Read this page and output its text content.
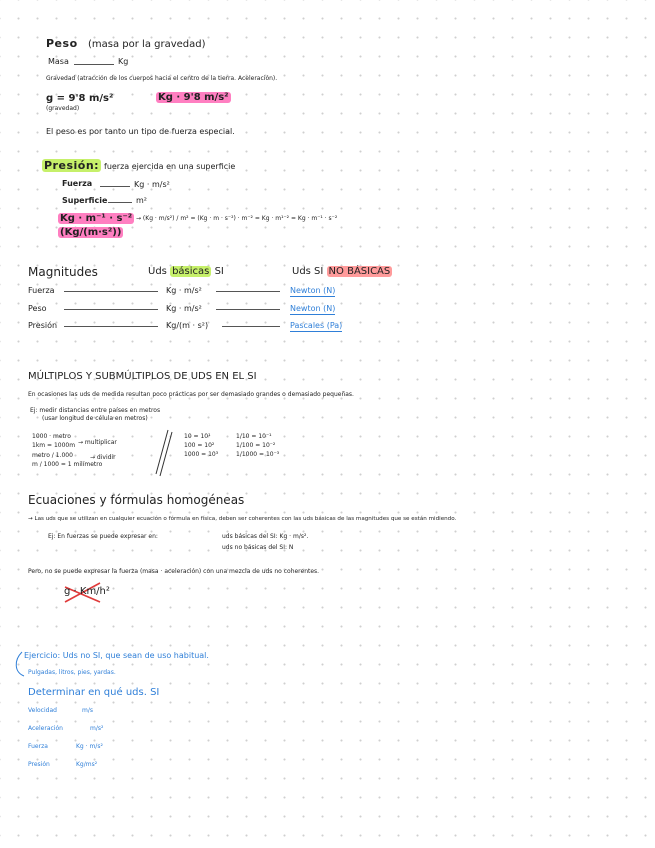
Peso (masa por la gravedad)
Masa	Kg
Gravedad (atracción de los cuerpos hacia el centro de la tierra. Aceleración).
g = 9'8 m/s²
(gravedad)
Kg · 9'8 m/s²
El peso es por tanto un tipo de fuerza especial.
Presión: fuerza ejercida en una superficie
Fuerza	Kg · m/s²
Superficie	m²
Kg · m⁻¹ · s⁻² → (Kg · m/s²) / m² = (Kg · m · s⁻²) · m⁻² = Kg · m¹⁻² = Kg · m⁻¹ · s⁻²
(Kg/(m·s²))
Magnitudes	Uds básicas SI	Uds SI NO BÁSICAS
Fuerza	Kg · m/s²	Newton (N)
Peso	Kg · m/s²	Newton (N)
Presión	Kg/(m · s²)	Pascales (Pa)
MÚLTIPLOS Y SUBMÚLTIPLOS DE UDS EN EL SI
En ocasiones las uds de medida resultan poco prácticas por ser demasiado grandes o demasiado pequeñas.
Ej: medir distancias entre países en metros
(usar longitud de célula en metros)
1000 · metro
1km = 1000m
metro / 1.000
m / 1000 = 1 milímetro
→ multiplicar
→ dividir
10 = 10¹
100 = 10²
1000 = 10³
1/10 = 10⁻¹
1/100 = 10⁻²
1/1000 = 10⁻³
Ecuaciones y fórmulas homogéneas
→ Las uds que se utilizan en cualquier ecuación o fórmula en física, deben ser coherentes con las uds básicas de las magnitudes que se están midiendo.
Ej: En fuerzas se puede expresar en:	uds básicas del SI: Kg · m/s².
uds no básicas del SI: N
Pero, no se puede expresar la fuerza (masa · aceleración) con una mezcla de uds no coherentes.
g · Km/h²
Ejercicio: Uds no SI, que sean de uso habitual.
Pulgadas, litros, pies, yardas.
Determinar en qué uds. SI
Velocidad	m/s
Aceleración	m/s²
Fuerza	Kg · m/s²
Presión	Kg/ms²
